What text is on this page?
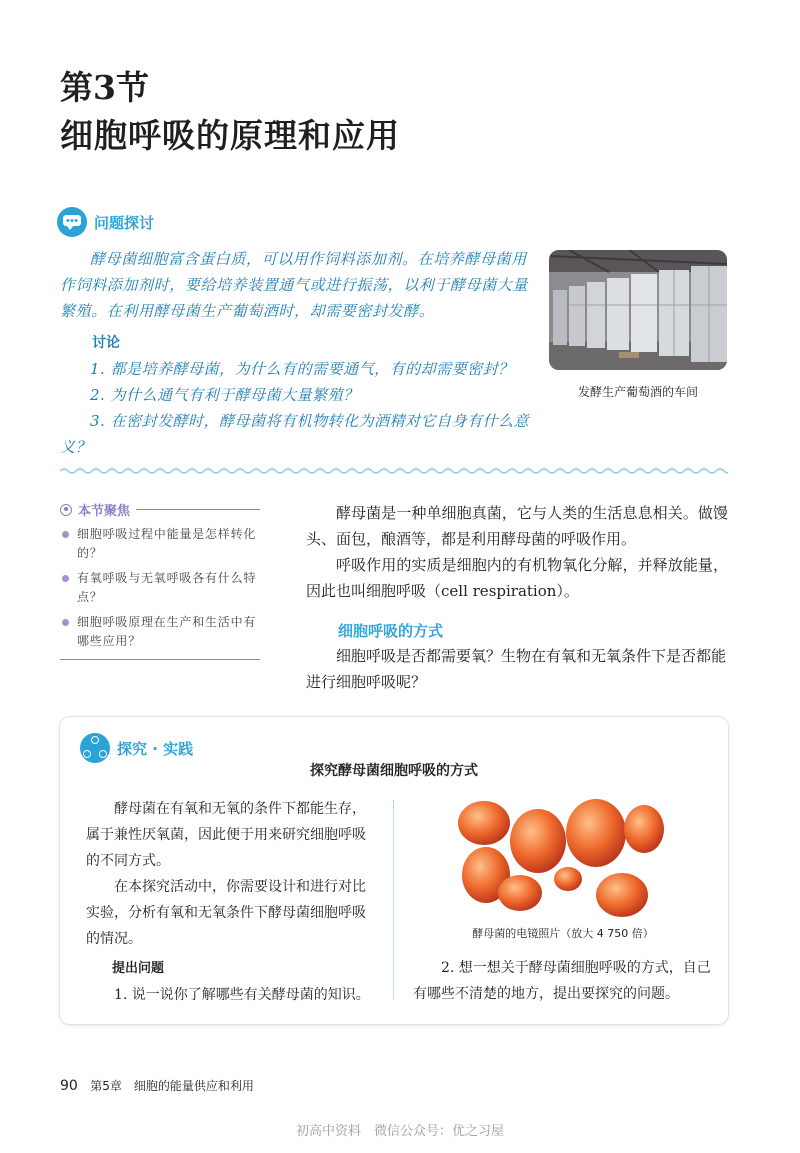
第3节
细胞呼吸的原理和应用
问题探讨

酵母菌细胞富含蛋白质，可以用作饲料添加剂。在培养酵母菌用作饲料添加剂时，要给培养装置通气或进行振荡，以利于酵母菌大量繁殖。在利用酵母菌生产葡萄酒时，却需要密封发酵。

讨论

1. 都是培养酵母菌，为什么有的需要通气，有的却需要密封？

2. 为什么通气有利于酵母菌大量繁殖？

3. 在密封发酵时，酵母菌将有机物转化为酒精对它自身有什么意义？

发酵生产葡萄酒的车间
本节聚焦
细胞呼吸过程中能量是怎样转化的？
有氧呼吸与无氧呼吸各有什么特点？
细胞呼吸原理在生产和生活中有哪些应用？

酵母菌是一种单细胞真菌，它与人类的生活息息相关。做馒头、面包，酿酒等，都是利用酵母菌的呼吸作用。

呼吸作用的实质是细胞内的有机物氧化分解，并释放能量，因此也叫细胞呼吸（cell respiration）。

细胞呼吸的方式

细胞呼吸是否都需要氧？生物在有氧和无氧条件下是否都能进行细胞呼吸呢？

探究 · 实践
探究酵母菌细胞呼吸的方式

酵母菌在有氧和无氧的条件下都能生存，属于兼性厌氧菌，因此便于用来研究细胞呼吸的不同方式。

在本探究活动中，你需要设计和进行对比实验，分析有氧和无氧条件下酵母菌细胞呼吸的情况。

提出问题

1. 说一说你了解哪些有关酵母菌的知识。

酵母菌的电镜照片（放大 4 750 倍）

2. 想一想关于酵母菌细胞呼吸的方式，自己有哪些不清楚的地方，提出要探究的问题。

90 第5章　细胞的能量供应和利用
初高中资料　微信公众号：优之习屋
